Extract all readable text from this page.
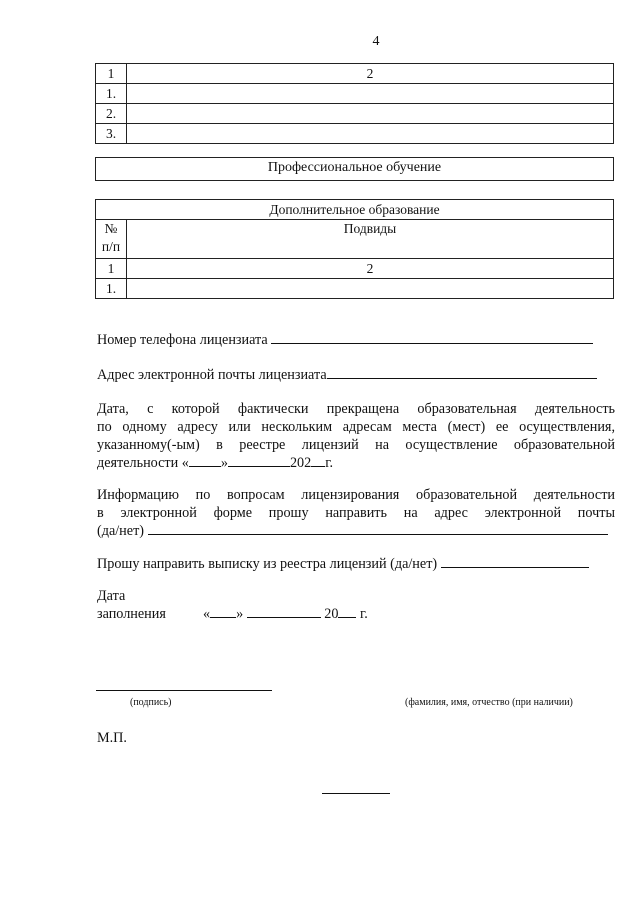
4
1	2
1.	
2.	
3.	
Профессиональное обучение
Дополнительное образование	

№
п/п	Подвиды
1	2
1.	
Номер телефона лицензиата
Адрес электронной почты лицензиата
Дата, с которой фактически прекращена образовательная деятельность
по одному адресу или нескольким адресам места (мест) ее осуществления,
указанному(-ым) в реестре лицензий на осуществление образовательной
деятельности « »	202 г.
Информацию по вопросам лицензирования образовательной деятельности
в электронной форме прошу направить на адрес электронной почты
(да/нет)
Прошу направить выписку из реестра лицензий (да/нет)
Дата
заполнения	« »	20 г.
(подпись)	(фамилия, имя, отчество (при наличии)
М.П.
